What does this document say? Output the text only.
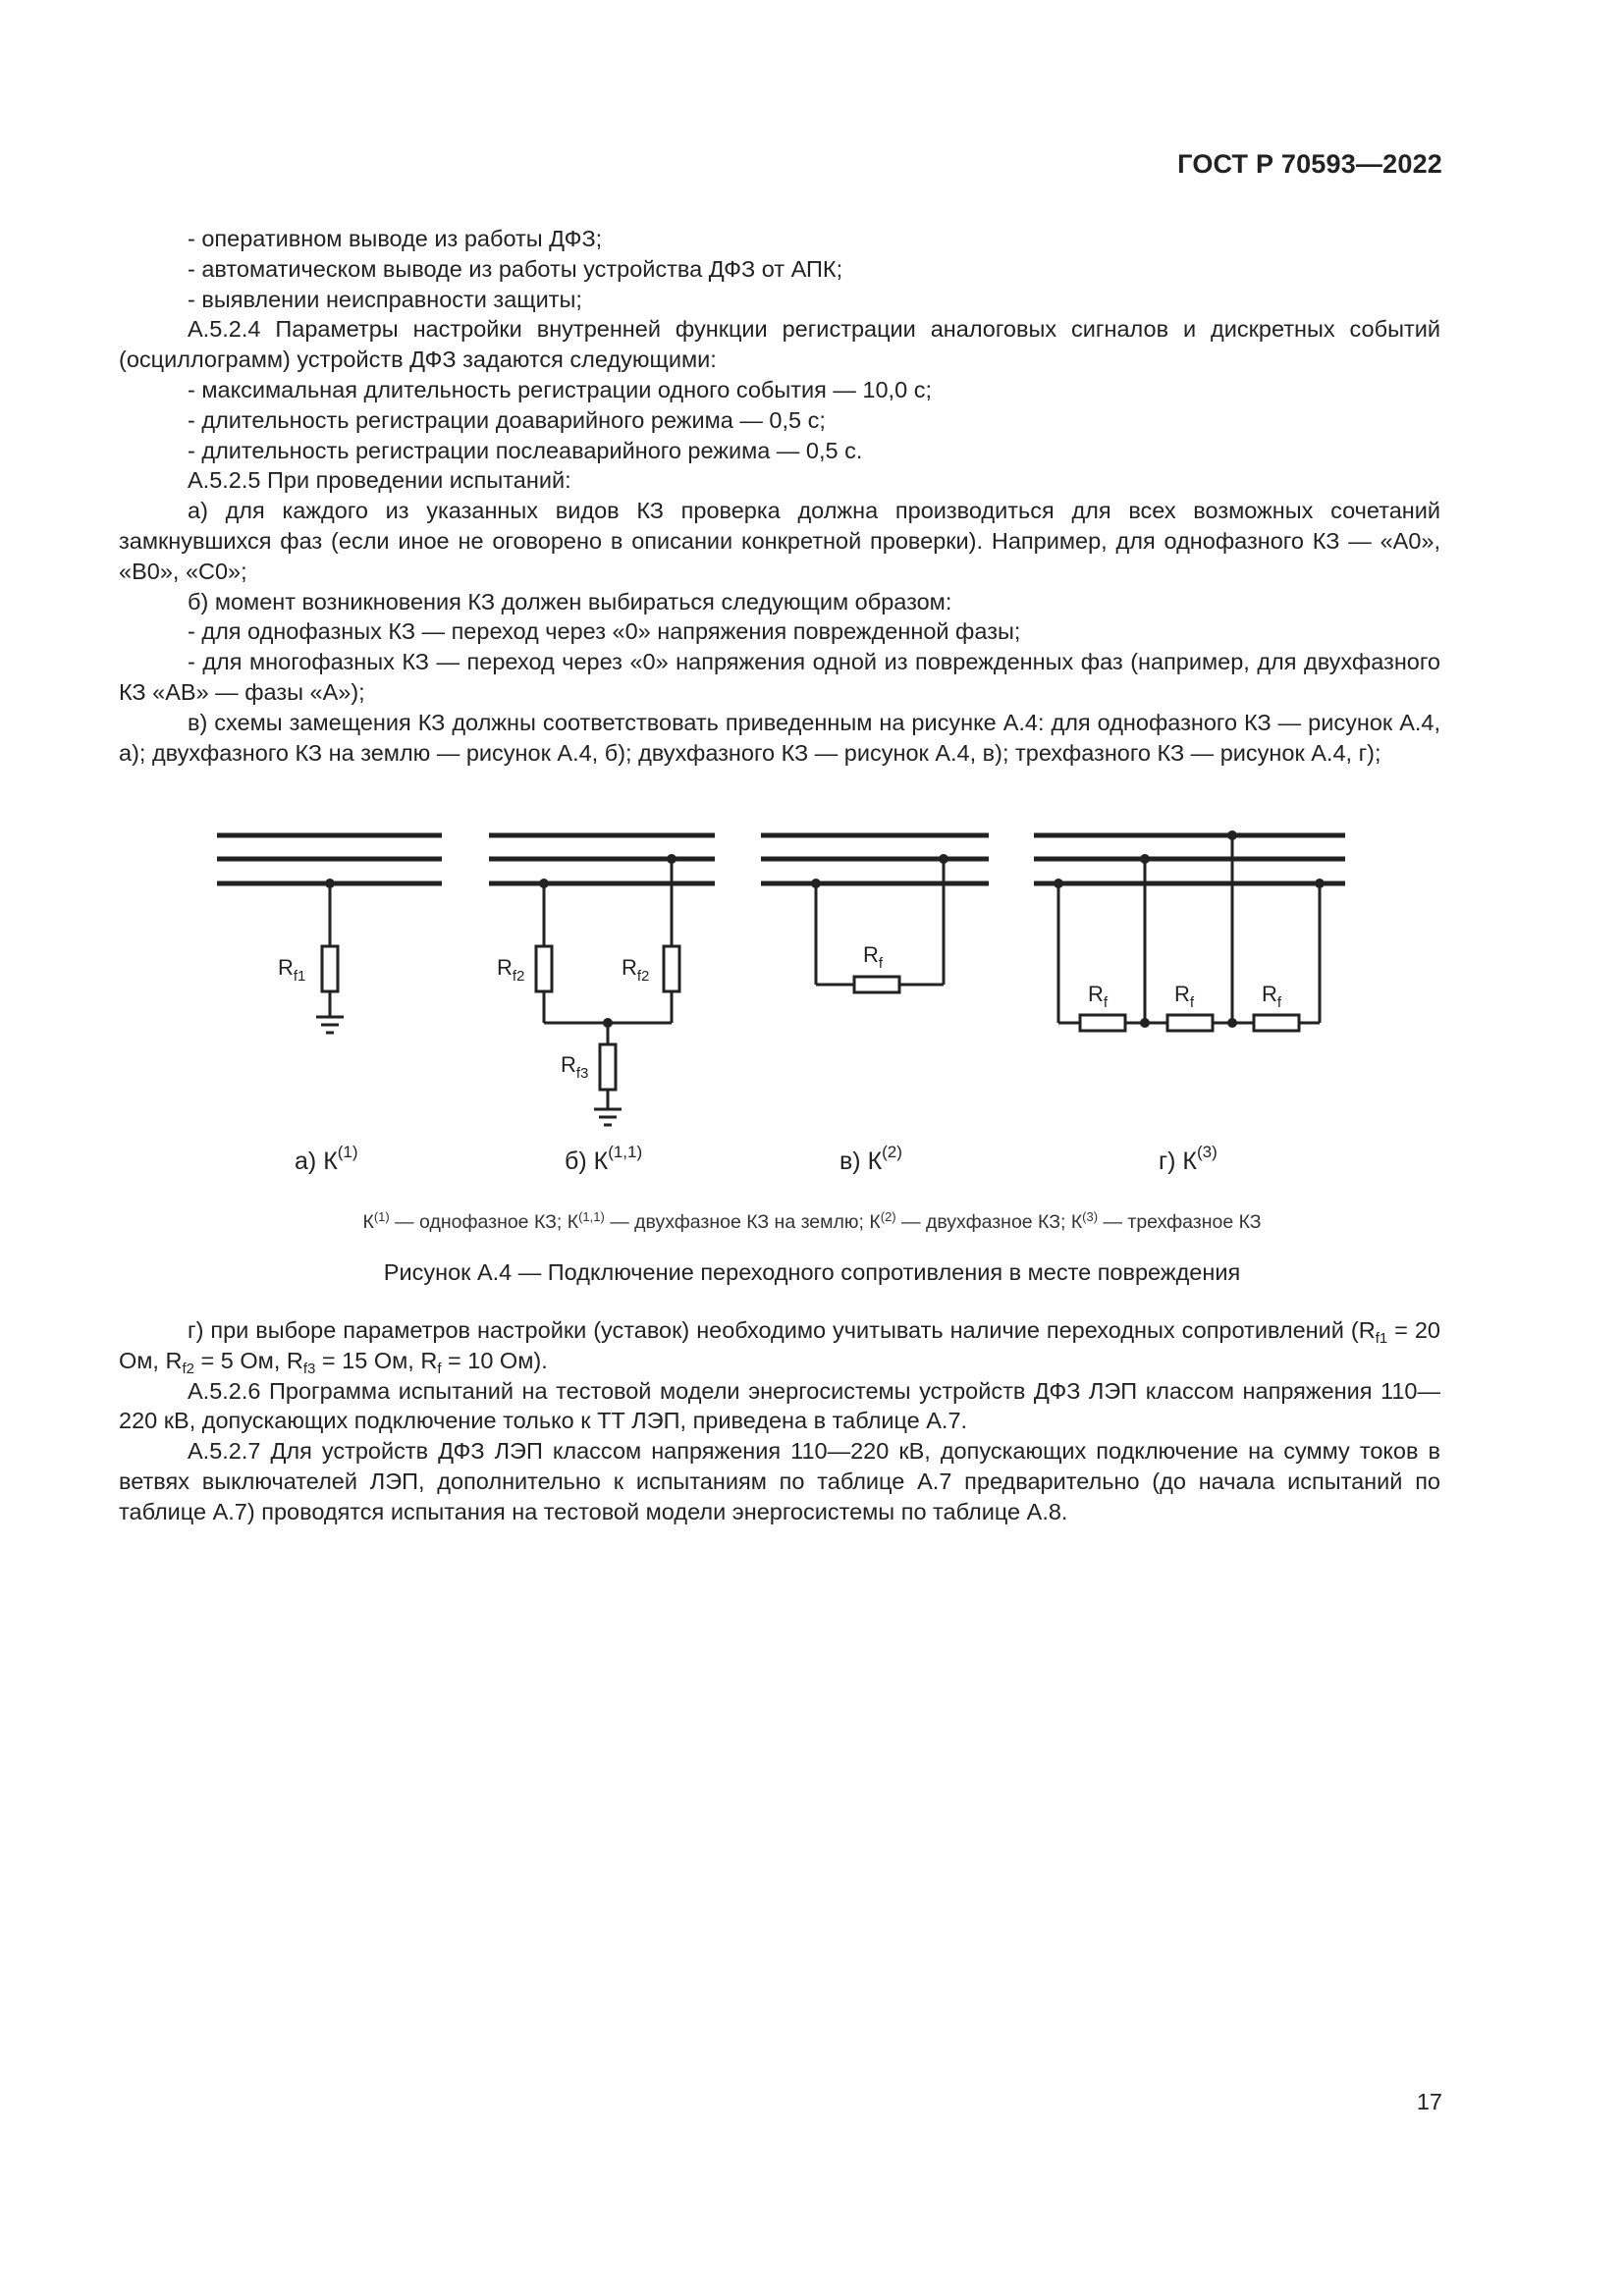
ГОСТ Р 70593—2022

- оперативном выводе из работы ДФЗ;

- автоматическом выводе из работы устройства ДФЗ от АПК;

- выявлении неисправности защиты;

А.5.2.4 Параметры настройки внутренней функции регистрации аналоговых сигналов и дискретных событий (осциллограмм) устройств ДФЗ задаются следующими:

- максимальная длительность регистрации одного события — 10,0 с;

- длительность регистрации доаварийного режима — 0,5 с;

- длительность регистрации послеаварийного режима — 0,5 с.

А.5.2.5 При проведении испытаний:

а) для каждого из указанных видов КЗ проверка должна производиться для всех возможных сочетаний замкнувшихся фаз (если иное не оговорено в описании конкретной проверки). Например, для однофазного КЗ — «А0», «В0», «С0»;

б) момент возникновения КЗ должен выбираться следующим образом:

- для однофазных КЗ — переход через «0» напряжения поврежденной фазы;

- для многофазных КЗ — переход через «0» напряжения одной из поврежденных фаз (например, для двухфазного КЗ «АВ» — фазы «А»);

в) схемы замещения КЗ должны соответствовать приведенным на рисунке А.4: для однофазного КЗ — рисунок А.4, а); двухфазного КЗ на землю — рисунок А.4, б); двухфазного КЗ — рисунок А.4, в); трехфазного КЗ — рисунок А.4, г);

$R_{f1}$	$R_{f2}$	$R_{f2}$
$R_{f3}$
$R_f$
$R_f$	$R_f$	$R_f$
а) $К^{(1)}$	б) К$^{(1,1)}$	в) $К^{(2)}$	г) $К^{(3)}$
$К^{(1)}$ — однофазное КЗ; К$^{(1,1)}$ — двухфазное КЗ на землю; $К^{(2)}$ — двухфазное КЗ; $К^{(3)}$ — трехфазное КЗ
Рисунок А.4 — Подключение переходного сопротивления в месте повреждения

г) при выборе параметров настройки (уставок) необходимо учитывать наличие переходных сопротивлений ($R_{f1} = 20$ Ом, $R_{f2} = 5$ Ом, $R_{f3} = 15$ Ом, $R_f = 10$ Ом).

А.5.2.6 Программа испытаний на тестовой модели энергосистемы устройств ДФЗ ЛЭП классом напряжения 110—220 кВ, допускающих подключение только к ТТ ЛЭП, приведена в таблице А.7.

А.5.2.7 Для устройств ДФЗ ЛЭП классом напряжения 110—220 кВ, допускающих подключение на сумму токов в ветвях выключателей ЛЭП, дополнительно к испытаниям по таблице А.7 предварительно (до начала испытаний по таблице А.7) проводятся испытания на тестовой модели энергосистемы по таблице А.8.

17
